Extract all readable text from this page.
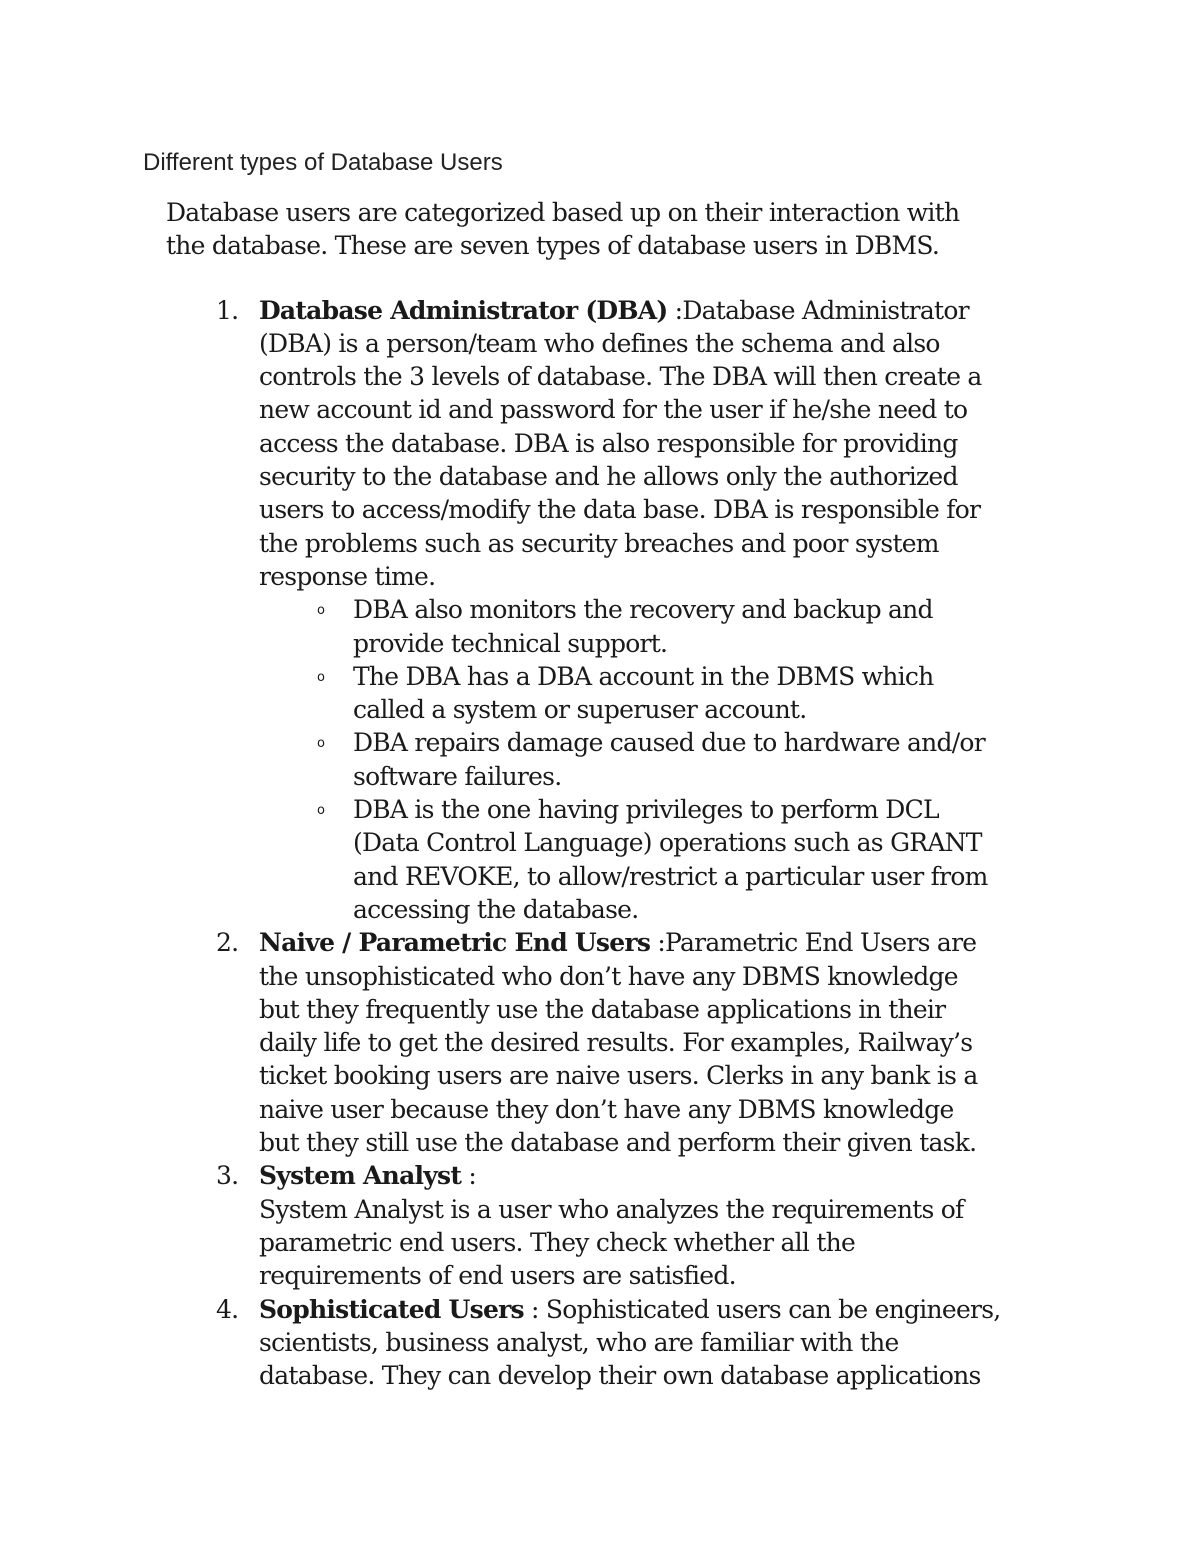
Different types of Database Users
Database users are categorized based up on their interaction with
the database. These are seven types of database users in DBMS.
1. Database Administrator (DBA) :Database Administrator
(DBA) is a person/team who defines the schema and also
controls the 3 levels of database. The DBA will then create a
new account id and password for the user if he/she need to
access the database. DBA is also responsible for providing
security to the database and he allows only the authorized
users to access/modify the data base. DBA is responsible for
the problems such as security breaches and poor system
response time.
o DBA also monitors the recovery and backup and
provide technical support.
o The DBA has a DBA account in the DBMS which
called a system or superuser account.
o DBA repairs damage caused due to hardware and/or
software failures.
o DBA is the one having privileges to perform DCL
(Data Control Language) operations such as GRANT
and REVOKE, to allow/restrict a particular user from
accessing the database.
2. Naive / Parametric End Users :Parametric End Users are
the unsophisticated who don’t have any DBMS knowledge
but they frequently use the database applications in their
daily life to get the desired results. For examples, Railway’s
ticket booking users are naive users. Clerks in any bank is a
naive user because they don’t have any DBMS knowledge
but they still use the database and perform their given task.
3. System Analyst :
System Analyst is a user who analyzes the requirements of
parametric end users. They check whether all the
requirements of end users are satisfied.
4. Sophisticated Users : Sophisticated users can be engineers,
scientists, business analyst, who are familiar with the
database. They can develop their own database applications
